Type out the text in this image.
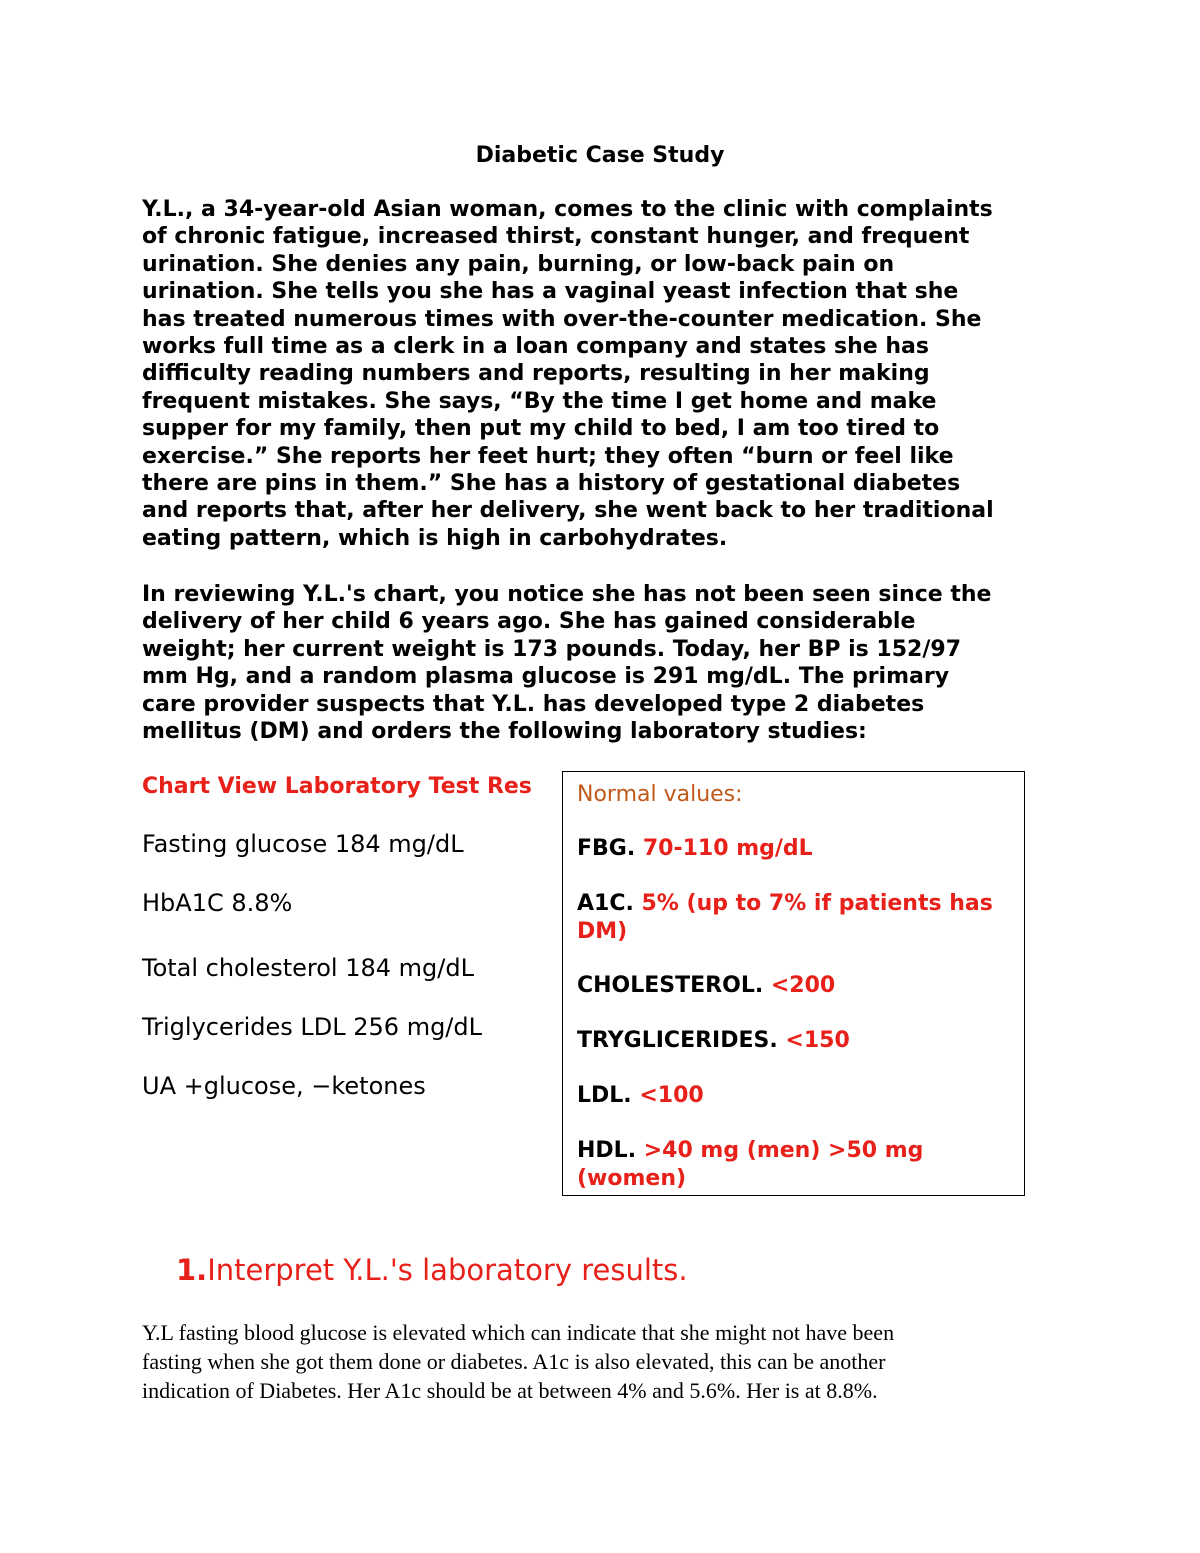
Diabetic Case Study
Y.L., a 34-year-old Asian woman, comes to the clinic with complaints
of chronic fatigue, increased thirst, constant hunger, and frequent
urination. She denies any pain, burning, or low-back pain on
urination. She tells you she has a vaginal yeast infection that she
has treated numerous times with over-the-counter medication. She
works full time as a clerk in a loan company and states she has
difficulty reading numbers and reports, resulting in her making
frequent mistakes. She says, “By the time I get home and make
supper for my family, then put my child to bed, I am too tired to
exercise.” She reports her feet hurt; they often “burn or feel like
there are pins in them.” She has a history of gestational diabetes
and reports that, after her delivery, she went back to her traditional
eating pattern, which is high in carbohydrates.
In reviewing Y.L.'s chart, you notice she has not been seen since the
delivery of her child 6 years ago. She has gained considerable
weight; her current weight is 173 pounds. Today, her BP is 152/97
mm Hg, and a random plasma glucose is 291 mg/dL. The primary
care provider suspects that Y.L. has developed type 2 diabetes
mellitus (DM) and orders the following laboratory studies:
Chart View Laboratory Test Res
Fasting glucose 184 mg/dL
HbA1C 8.8%
Total cholesterol 184 mg/dL
Triglycerides LDL 256 mg/dL
UA +glucose, −ketones
Normal values:
FBG. 70-110 mg/dL
A1C. 5% (up to 7% if patients has DM)
CHOLESTEROL. <200
TRYGLICERIDES. <150
LDL. <100
HDL. >40 mg (men) >50 mg (women)
1.Interpret Y.L.'s laboratory results.
Y.L fasting blood glucose is elevated which can indicate that she might not have been
fasting when she got them done or diabetes. A1c is also elevated, this can be another
indication of Diabetes. Her A1c should be at between 4% and 5.6%. Her is at 8.8%.
